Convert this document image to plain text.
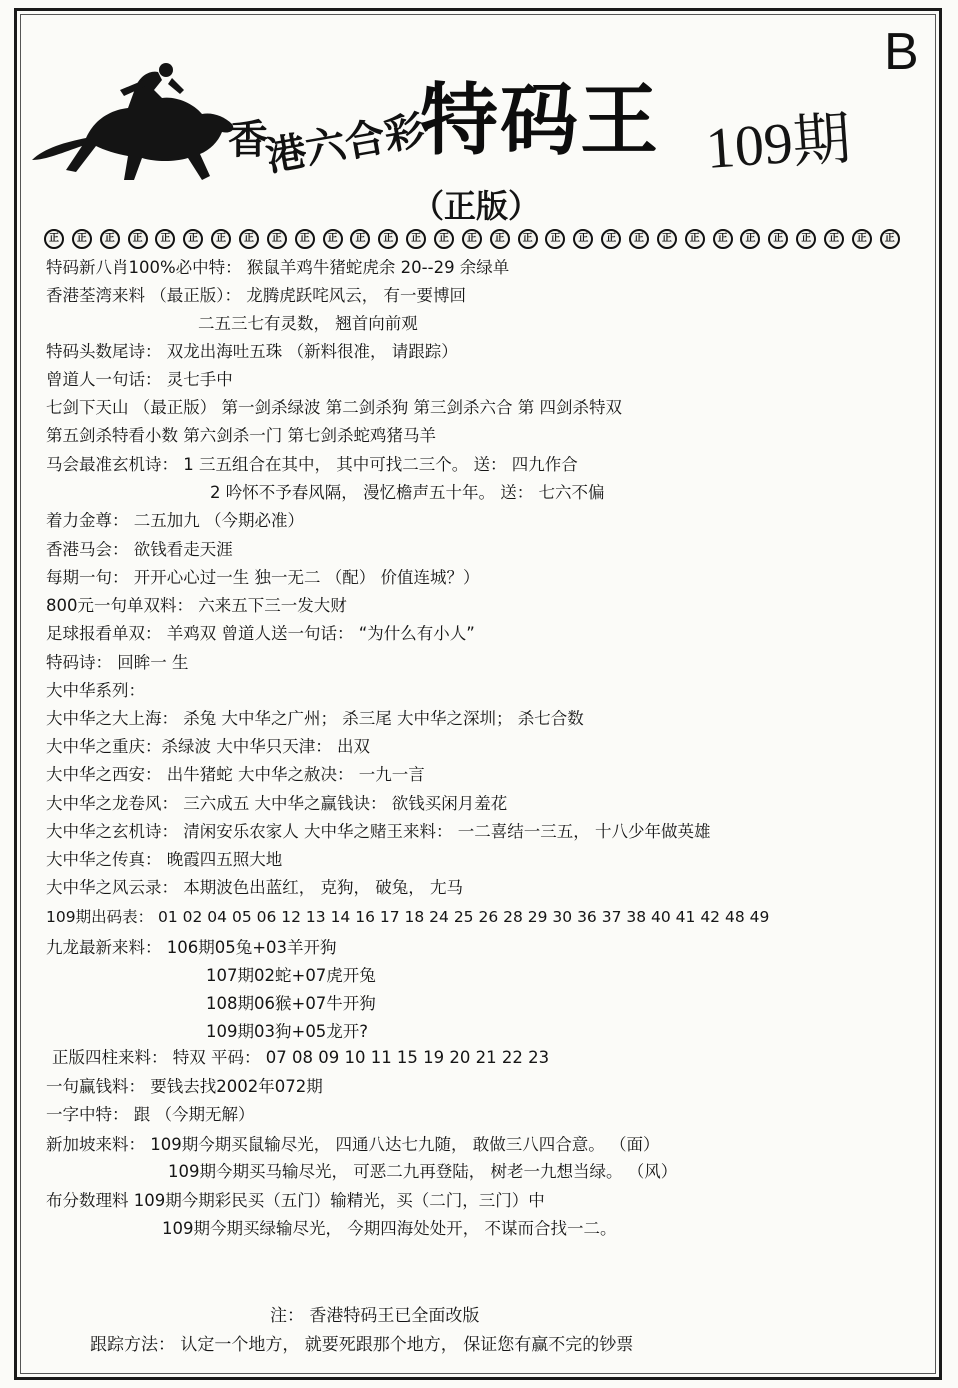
B
香
港六合彩
特码王 109期
（正版）
正	正	正	正	正	正	正	正	正	正	正	正	正	正	正	正	正	正	正	正	正	正	正	正	正	正	正	正	正	正	正
特码新八肖100%必中特： 猴鼠羊鸡牛猪蛇虎余 20--29 余绿单
香港荃湾来料 （最正版）： 龙腾虎跃咤风云， 有一要博回
二五三七有灵数， 翘首向前观
特码头数尾诗： 双龙出海吐五珠 （新料很准， 请跟踪）
曾道人一句话： 灵七手中
七剑下天山 （最正版） 第一剑杀绿波 第二剑杀狗 第三剑杀六合 第 四剑杀特双
第五剑杀特看小数 第六剑杀一门 第七剑杀蛇鸡猪马羊
马会最准玄机诗： 1 三五组合在其中， 其中可找二三个。 送： 四九作合
2 吟怀不予春风隔， 漫忆檐声五十年。 送： 七六不偏
着力金尊： 二五加九 （今期必准）
香港马会： 欲钱看走天涯
每期一句： 开开心心过一生 独一无二 （配） 价值连城？）
800元一句单双料： 六来五下三一发大财
足球报看单双： 羊鸡双 曾道人送一句话： “为什么有小人”
特码诗： 回眸一 生
大中华系列：
大中华之大上海： 杀兔 大中华之广州； 杀三尾 大中华之深圳； 杀七合数
大中华之重庆：杀绿波 大中华只天津： 出双
大中华之西安： 出牛猪蛇 大中华之赦决： 一九一言
大中华之龙卷风： 三六成五 大中华之赢钱诀： 欲钱买闲月羞花
大中华之玄机诗： 清闲安乐农家人 大中华之赌王来料： 一二喜结一三五， 十八少年做英雄
大中华之传真： 晚霞四五照大地
大中华之风云录： 本期波色出蓝红， 克狗， 破兔， 尢马
109期出码表： 01 02 04 05 06 12 13 14 16 17 18 24 25 26 28 29 30 36 37 38 40 41 42 48 49
九龙最新来料： 106期05兔+03羊开狗
107期02蛇+07虎开兔
108期06猴+07牛开狗
109期03狗+05龙开?
正版四柱来料： 特双 平码： 07 08 09 10 11 15 19 20 21 22 23
一句赢钱料： 要钱去找2002年072期
一字中特： 跟 （今期无解）
新加坡来料： 109期今期买鼠输尽光， 四通八达七九随， 敢做三八四合意。 （面）
109期今期买马输尽光， 可恶二九再登陆， 树老一九想当绿。 （风）
布分数理料 109期今期彩民买（五门）输精光，买（二门，三门）中
109期今期买绿输尽光， 今期四海处处开， 不谋而合找一二。
注： 香港特码王已全面改版
跟踪方法： 认定一个地方， 就要死跟那个地方， 保证您有赢不完的钞票
